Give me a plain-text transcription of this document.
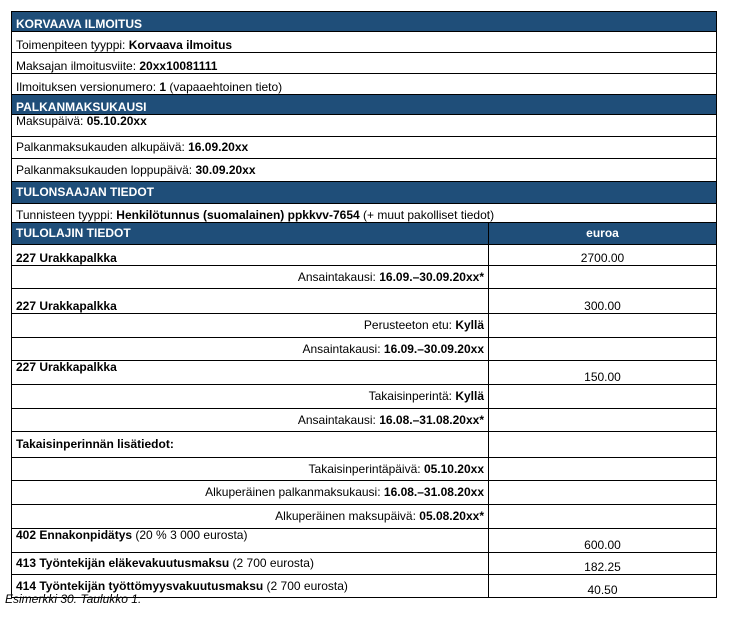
KORVAAVA ILMOITUS	
Toimenpiteen tyyppi: Korvaava ilmoitus	
Maksajan ilmoitusviite: 20xx10081111	
Ilmoituksen versionumero: 1 (vapaaehtoinen tieto)	
PALKANMAKSUKAUSI	
Maksupäivä: 05.10.20xx	
Palkanmaksukauden alkupäivä: 16.09.20xx	
Palkanmaksukauden loppupäivä: 30.09.20xx	
TULONSAAJAN TIEDOT	
Tunnisteen tyyppi: Henkilötunnus (suomalainen) ppkkvv-7654 (+ muut pakolliset tiedot)	
TULOLAJIN TIEDOT	euroa
227 Urakkapalkka	2700.00
Ansaintakausi: 16.09.–30.09.20xx*	
227 Urakkapalkka	300.00
Perusteeton etu: Kyllä	
Ansaintakausi: 16.09.–30.09.20xx	
227 Urakkapalkka	150.00
Takaisinperintä: Kyllä	
Ansaintakausi: 16.08.–31.08.20xx*	
Takaisinperinnän lisätiedot:	
Takaisinperintäpäivä: 05.10.20xx	
Alkuperäinen palkanmaksukausi: 16.08.–31.08.20xx	
Alkuperäinen maksupäivä: 05.08.20xx*	
402 Ennakonpidätys (20 % 3 000 eurosta)	600.00
413 Työntekijän eläkevakuutusmaksu (2 700 eurosta)	182.25
414 Työntekijän työttömyysvakuutusmaksu (2 700 eurosta)	40.50
Esimerkki 30. Taulukko 1.
